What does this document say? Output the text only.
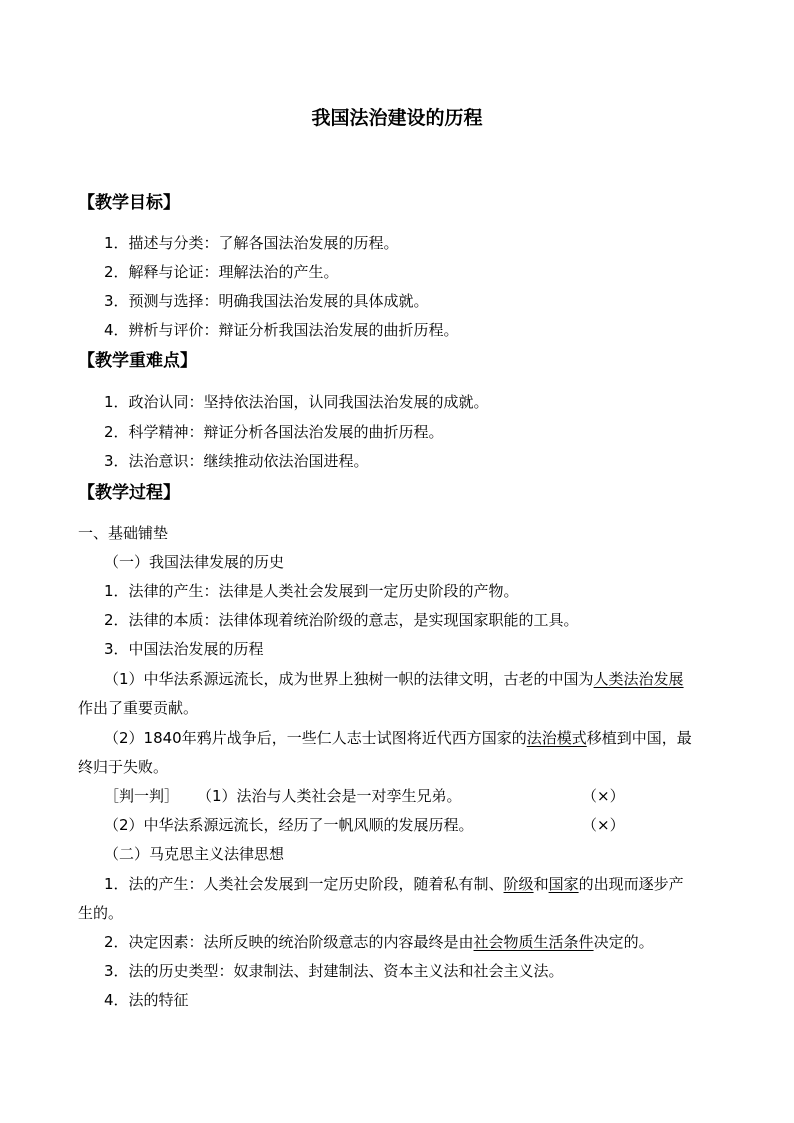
我国法治建设的历程
【教学目标】
1．描述与分类：了解各国法治发展的历程。
2．解释与论证：理解法治的产生。
3．预测与选择：明确我国法治发展的具体成就。
4．辨析与评价：辩证分析我国法治发展的曲折历程。
【教学重难点】
1．政治认同：坚持依法治国，认同我国法治发展的成就。
2．科学精神：辩证分析各国法治发展的曲折历程。
3．法治意识：继续推动依法治国进程。
【教学过程】
一、基础铺垫
（一）我国法律发展的历史
1．法律的产生：法律是人类社会发展到一定历史阶段的产物。
2．法律的本质：法律体现着统治阶级的意志，是实现国家职能的工具。
3．中国法治发展的历程
（1）中华法系源远流长，成为世界上独树一帜的法律文明，古老的中国为人类法治发展
作出了重要贡献。
（2）1840年鸦片战争后，一些仁人志士试图将近代西方国家的法治模式移植到中国，最
终归于失败。
［判一判］ （1）法治与人类社会是一对孪生兄弟。	（×）
（2）中华法系源远流长，经历了一帆风顺的发展历程。	（×）
（二）马克思主义法律思想
1．法的产生：人类社会发展到一定历史阶段，随着私有制、阶级和国家的出现而逐步产
生的。
2．决定因素：法所反映的统治阶级意志的内容最终是由社会物质生活条件决定的。
3．法的历史类型：奴隶制法、封建制法、资本主义法和社会主义法。
4．法的特征
